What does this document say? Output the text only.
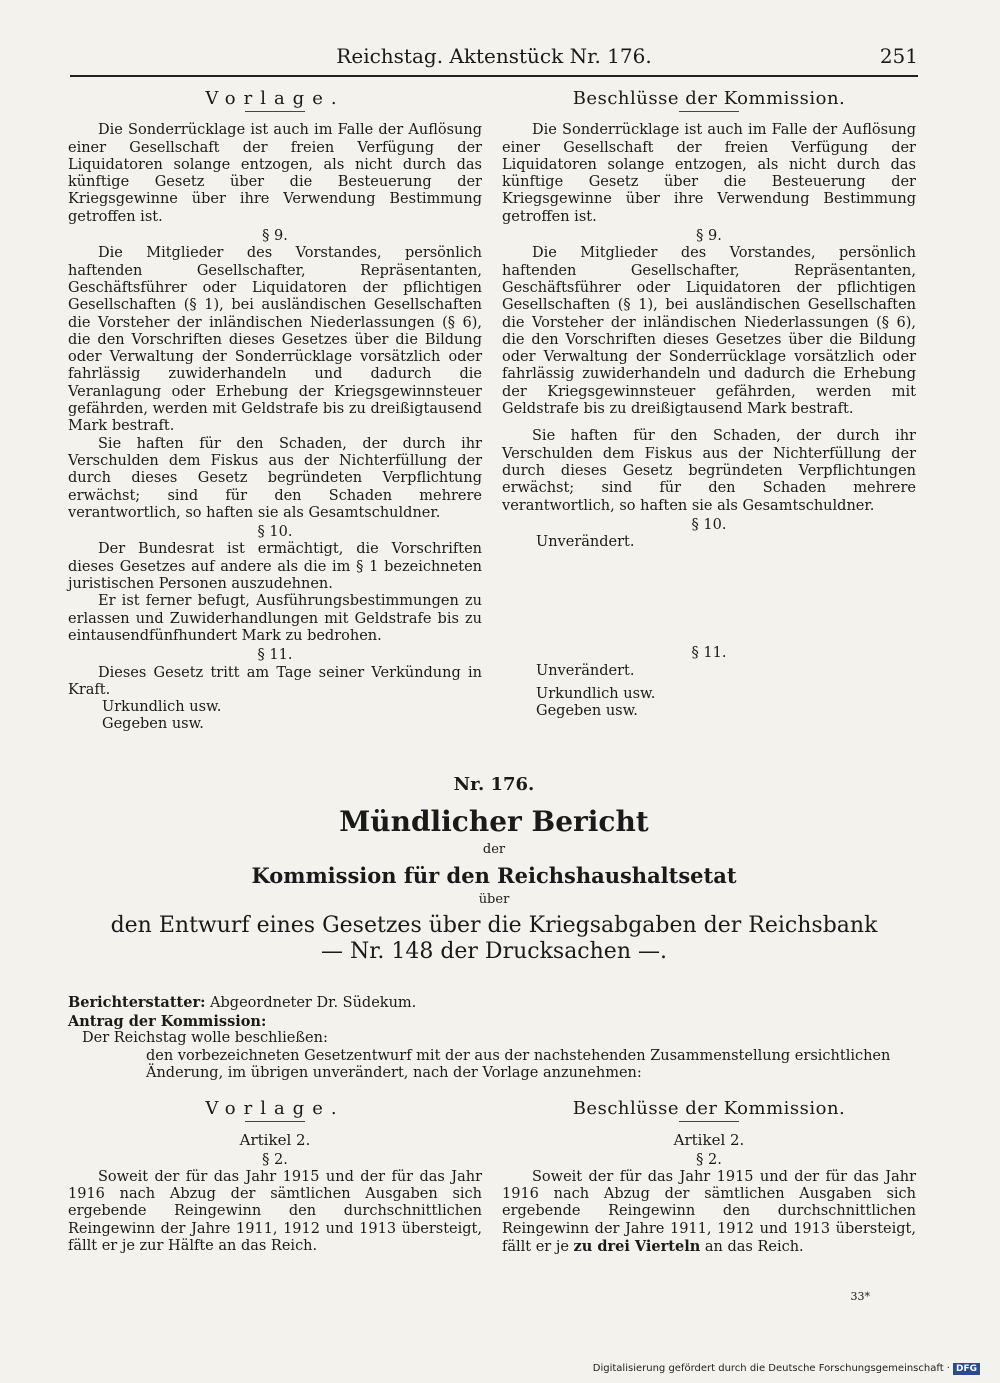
Reichstag. Aktenstück Nr. 176.	251
Vorlage.

Die Sonderrücklage ist auch im Falle der Auflösung einer Gesellschaft der freien Verfügung der Liquidatoren solange entzogen, als nicht durch das künftige Gesetz über die Besteuerung der Kriegsgewinne über ihre Verwendung Bestimmung getroffen ist.

§ 9.

Die Mitglieder des Vorstandes, persönlich haftenden Gesellschafter, Repräsentanten, Geschäftsführer oder Liquidatoren der pflichtigen Gesellschaften (§ 1), bei ausländischen Gesellschaften die Vorsteher der inländischen Niederlassungen (§ 6), die den Vorschriften dieses Gesetzes über die Bildung oder Verwaltung der Sonderrücklage vorsätzlich oder fahrlässig zuwiderhandeln und dadurch die Veranlagung oder Erhebung der Kriegsgewinnsteuer gefährden, werden mit Geldstrafe bis zu dreißigtausend Mark bestraft.

Sie haften für den Schaden, der durch ihr Verschulden dem Fiskus aus der Nichterfüllung der durch dieses Gesetz begründeten Verpflichtung erwächst; sind für den Schaden mehrere verantwortlich, so haften sie als Gesamtschuldner.

§ 10.

Der Bundesrat ist ermächtigt, die Vorschriften dieses Gesetzes auf andere als die im § 1 bezeichneten juristischen Personen auszudehnen.

Er ist ferner befugt, Ausführungsbestimmungen zu erlassen und Zuwiderhandlungen mit Geldstrafe bis zu eintausendfünfhundert Mark zu bedrohen.

§ 11.

Dieses Gesetz tritt am Tage seiner Verkündung in Kraft.

Urkundlich usw.

Gegeben usw.

Beschlüsse der Kommission.

Die Sonderrücklage ist auch im Falle der Auflösung einer Gesellschaft der freien Verfügung der Liquidatoren solange entzogen, als nicht durch das künftige Gesetz über die Besteuerung der Kriegsgewinne über ihre Verwendung Bestimmung getroffen ist.

§ 9.

Die Mitglieder des Vorstandes, persönlich haftenden Gesellschafter, Repräsentanten, Geschäftsführer oder Liquidatoren der pflichtigen Gesellschaften (§ 1), bei ausländischen Gesellschaften die Vorsteher der inländischen Niederlassungen (§ 6), die den Vorschriften dieses Gesetzes über die Bildung oder Verwaltung der Sonderrücklage vorsätzlich oder fahrlässig zuwiderhandeln und dadurch die Erhebung der Kriegsgewinnsteuer gefährden, werden mit Geldstrafe bis zu dreißigtausend Mark bestraft.

Sie haften für den Schaden, der durch ihr Verschulden dem Fiskus aus der Nichterfüllung der durch dieses Gesetz begründeten Verpflichtungen erwächst; sind für den Schaden mehrere verantwortlich, so haften sie als Gesamtschuldner.

§ 10.

Unverändert.

§ 11.

Unverändert.

Urkundlich usw.

Gegeben usw.

Nr. 176.
Mündlicher Bericht
der
Kommission für den Reichshaushaltsetat
über
den Entwurf eines Gesetzes über die Kriegsabgaben der Reichsbank — Nr. 148 der Drucksachen —.
Berichterstatter: Abgeordneter Dr. Südekum.
Antrag der Kommission:
Der Reichstag wolle beschließen:
den vorbezeichneten Gesetzentwurf mit der aus der nachstehenden Zusammenstellung ersichtlichen Änderung, im übrigen unverändert, nach der Vorlage anzunehmen:
Vorlage.
Artikel 2.
§ 2.

Soweit der für das Jahr 1915 und der für das Jahr 1916 nach Abzug der sämtlichen Ausgaben sich ergebende Reingewinn den durchschnittlichen Reingewinn der Jahre 1911, 1912 und 1913 übersteigt, fällt er je zur Hälfte an das Reich.

Beschlüsse der Kommission.
Artikel 2.
§ 2.

Soweit der für das Jahr 1915 und der für das Jahr 1916 nach Abzug der sämtlichen Ausgaben sich ergebende Reingewinn den durchschnittlichen Reingewinn der Jahre 1911, 1912 und 1913 übersteigt, fällt er je zu drei Vierteln an das Reich.

33*
Digitalisierung gefördert durch die Deutsche Forschungsgemeinschaft · DFG
